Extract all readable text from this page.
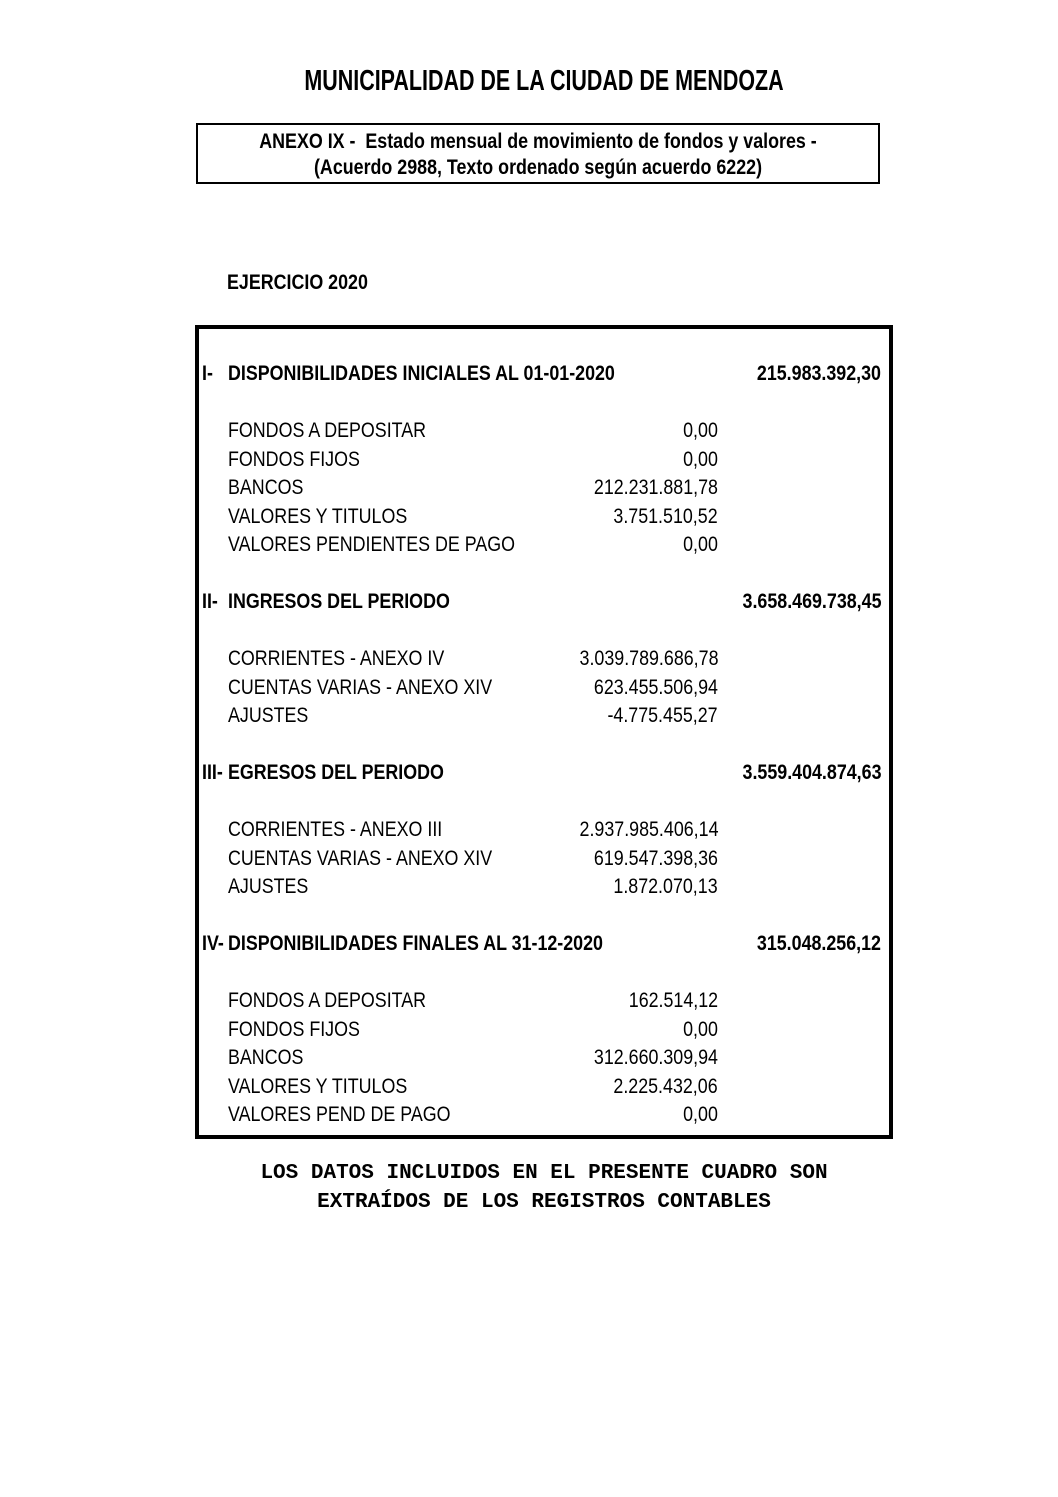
MUNICIPALIDAD DE LA CIUDAD DE MENDOZA
ANEXO IX -  Estado mensual de movimiento de fondos y valores -
(Acuerdo 2988, Texto ordenado según acuerdo 6222)
EJERCICIO 2020
I- DISPONIBILIDADES INICIALES AL 01-01-2020	215.983.392,30
FONDOS A DEPOSITAR	0,00
FONDOS FIJOS	0,00
BANCOS	212.231.881,78
VALORES Y TITULOS	3.751.510,52
VALORES PENDIENTES DE PAGO	0,00
II- INGRESOS DEL PERIODO	3.658.469.738,45
CORRIENTES - ANEXO IV	3.039.789.686,78
CUENTAS VARIAS - ANEXO XIV	623.455.506,94
AJUSTES	-4.775.455,27
III- EGRESOS DEL PERIODO	3.559.404.874,63
CORRIENTES - ANEXO III	2.937.985.406,14
CUENTAS VARIAS - ANEXO XIV	619.547.398,36
AJUSTES	1.872.070,13
IV- DISPONIBILIDADES FINALES AL 31-12-2020	315.048.256,12
FONDOS A DEPOSITAR	162.514,12
FONDOS FIJOS	0,00
BANCOS	312.660.309,94
VALORES Y TITULOS	2.225.432,06
VALORES PEND DE PAGO	0,00
LOS DATOS INCLUIDOS EN EL PRESENTE CUADRO SON
EXTRAÍDOS DE LOS REGISTROS CONTABLES
